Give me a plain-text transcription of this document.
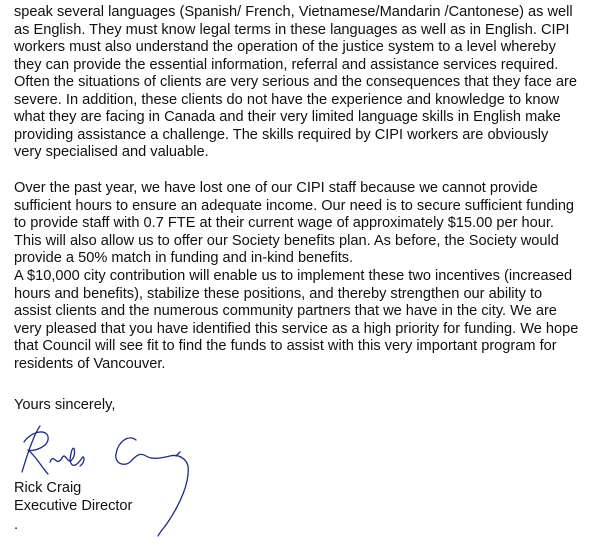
speak several languages (Spanish/ French, Vietnamese/Mandarin /Cantonese) as well
as English. They must know legal terms in these languages as well as in English. CIPI
workers must also understand the operation of the justice system to a level whereby
they can provide the essential information, referral and assistance services required.
Often the situations of clients are very serious and the consequences that they face are
severe. In addition, these clients do not have the experience and knowledge to know
what they are facing in Canada and their very limited language skills in English make
providing assistance a challenge. The skills required by CIPI workers are obviously
very specialised and valuable.

Over the past year, we have lost one of our CIPI staff because we cannot provide
sufficient hours to ensure an adequate income. Our need is to secure sufficient funding
to provide staff with 0.7 FTE at their current wage of approximately $15.00 per hour.
This will also allow us to offer our Society benefits plan. As before, the Society would
provide a 50% match in funding and in-kind benefits.

A $10,000 city contribution will enable us to implement these two incentives (increased
hours and benefits), stabilize these positions, and thereby strengthen our ability to
assist clients and the numerous community partners that we have in the city. We are
very pleased that you have identified this service as a high priority for funding. We hope
that Council will see fit to find the funds to assist with this very important program for
residents of Vancouver.

Yours sincerely,

Rick Craig

Executive Director

.
